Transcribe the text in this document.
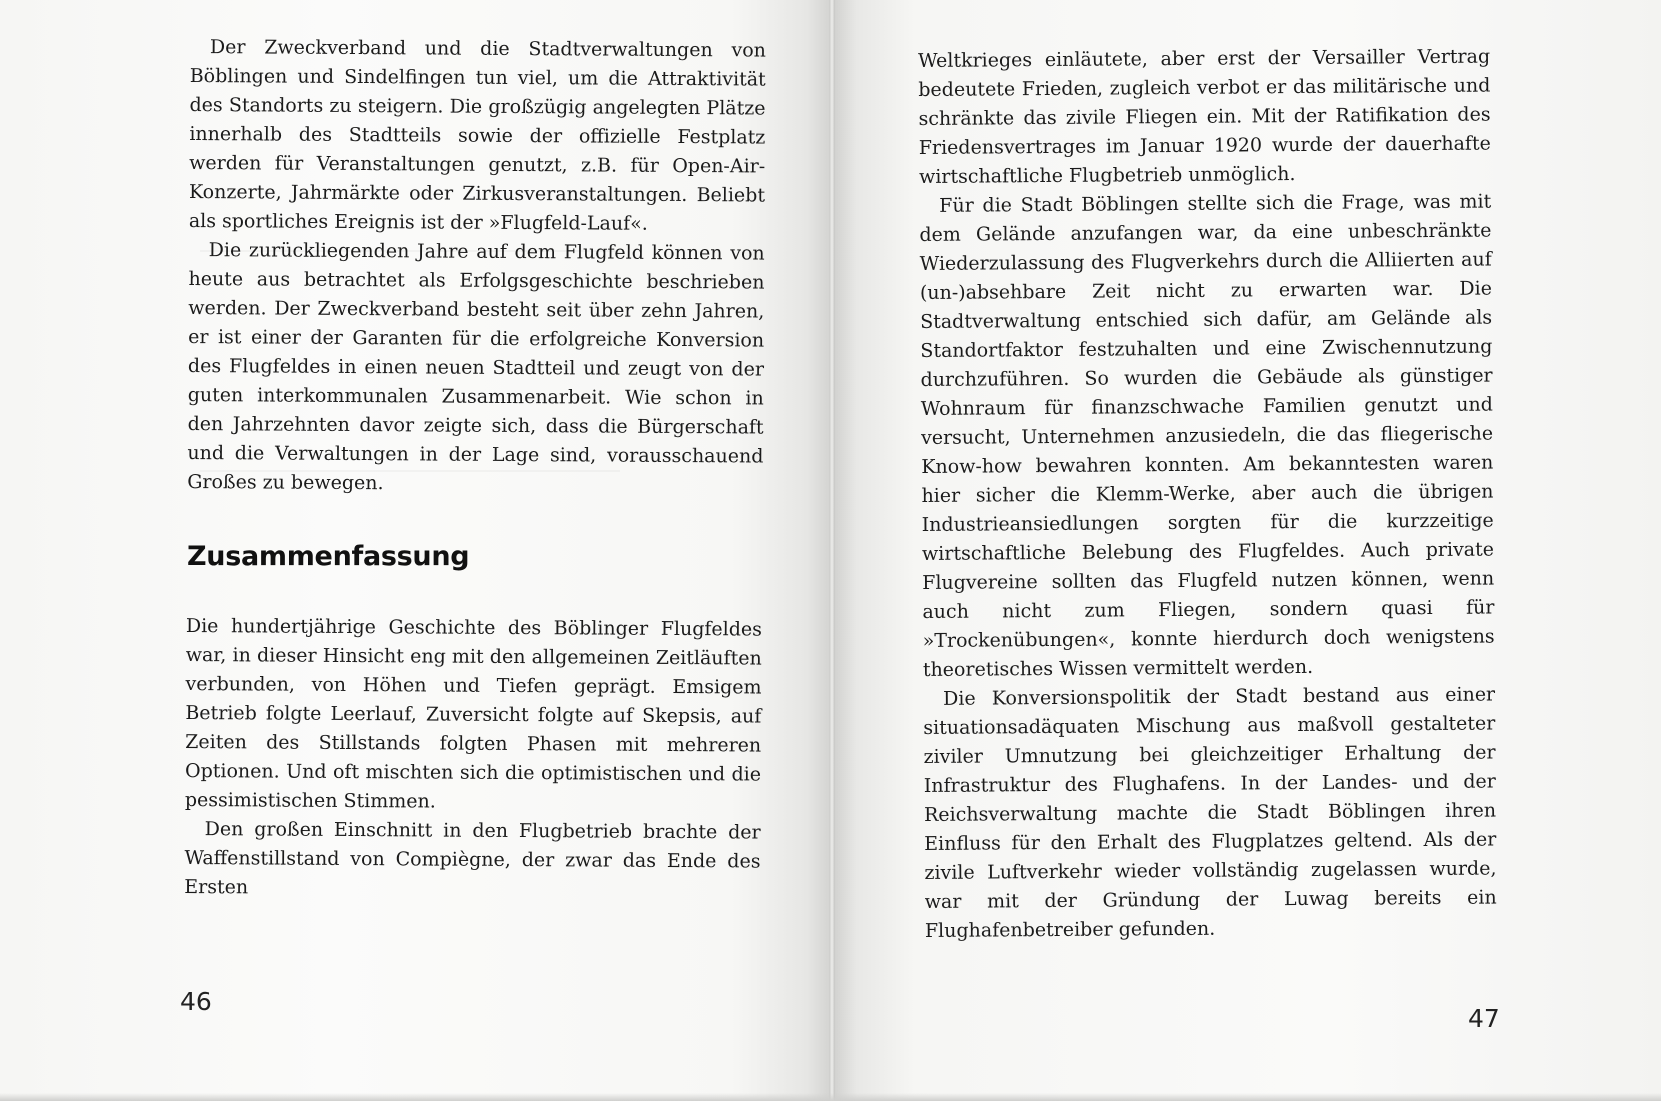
Der Zweckverband und die Stadtverwaltungen von Böblingen und Sindelfingen tun viel, um die Attraktivität des Standorts zu steigern. Die großzügig angelegten Plätze innerhalb des Stadtteils sowie der offizielle Festplatz werden für Veranstaltungen genutzt, z.B. für Open-Air-Konzerte, Jahrmärkte oder Zirkusveranstaltungen. Beliebt als sportliches Ereignis ist der »Flugfeld-Lauf«.

Die zurückliegenden Jahre auf dem Flugfeld können von heute aus betrachtet als Erfolgsgeschichte beschrieben werden. Der Zweckverband besteht seit über zehn Jahren, er ist einer der Garanten für die erfolgreiche Konversion des Flugfeldes in einen neuen Stadtteil und zeugt von der guten interkommunalen Zusammenarbeit. Wie schon in den Jahrzehnten davor zeigte sich, dass die Bürgerschaft und die Verwaltungen in der Lage sind, vorausschauend Großes zu bewegen.

Zusammenfassung

Die hundertjährige Geschichte des Böblinger Flugfeldes war, in dieser Hinsicht eng mit den allgemeinen Zeitläuften verbunden, von Höhen und Tiefen geprägt. Emsigem Betrieb folgte Leerlauf, Zuversicht folgte auf Skepsis, auf Zeiten des Stillstands folgten Phasen mit mehreren Optionen. Und oft mischten sich die optimistischen und die pessimistischen Stimmen.

Den großen Einschnitt in den Flugbetrieb brachte der Waffenstillstand von Compiègne, der zwar das Ende des Ersten

46

Weltkrieges einläutete, aber erst der Versailler Vertrag bedeutete Frieden, zugleich verbot er das militärische und schränkte das zivile Fliegen ein. Mit der Ratifikation des Friedensvertrages im Januar 1920 wurde der dauerhafte wirtschaftliche Flugbetrieb unmöglich.

Für die Stadt Böblingen stellte sich die Frage, was mit dem Gelände anzufangen war, da eine unbeschränkte Wiederzulassung des Flugverkehrs durch die Alliierten auf (un-)absehbare Zeit nicht zu erwarten war. Die Stadtverwaltung entschied sich dafür, am Gelände als Standortfaktor festzuhalten und eine Zwischennutzung durchzuführen. So wurden die Gebäude als günstiger Wohnraum für finanzschwache Familien genutzt und versucht, Unternehmen anzusiedeln, die das fliegerische Know-how bewahren konnten. Am bekanntesten waren hier sicher die Klemm-Werke, aber auch die übrigen Industrieansiedlungen sorgten für die kurzzeitige wirtschaftliche Belebung des Flugfeldes. Auch private Flugvereine sollten das Flugfeld nutzen können, wenn auch nicht zum Fliegen, sondern quasi für »Trockenübungen«, konnte hierdurch doch wenigstens theoretisches Wissen vermittelt werden.

Die Konversionspolitik der Stadt bestand aus einer situationsadäquaten Mischung aus maßvoll gestalteter ziviler Umnutzung bei gleichzeitiger Erhaltung der Infrastruktur des Flughafens. In der Landes- und der Reichsverwaltung machte die Stadt Böblingen ihren Einfluss für den Erhalt des Flugplatzes geltend. Als der zivile Luftverkehr wieder vollständig zugelassen wurde, war mit der Gründung der Luwag bereits ein Flughafenbetreiber gefunden.

47
